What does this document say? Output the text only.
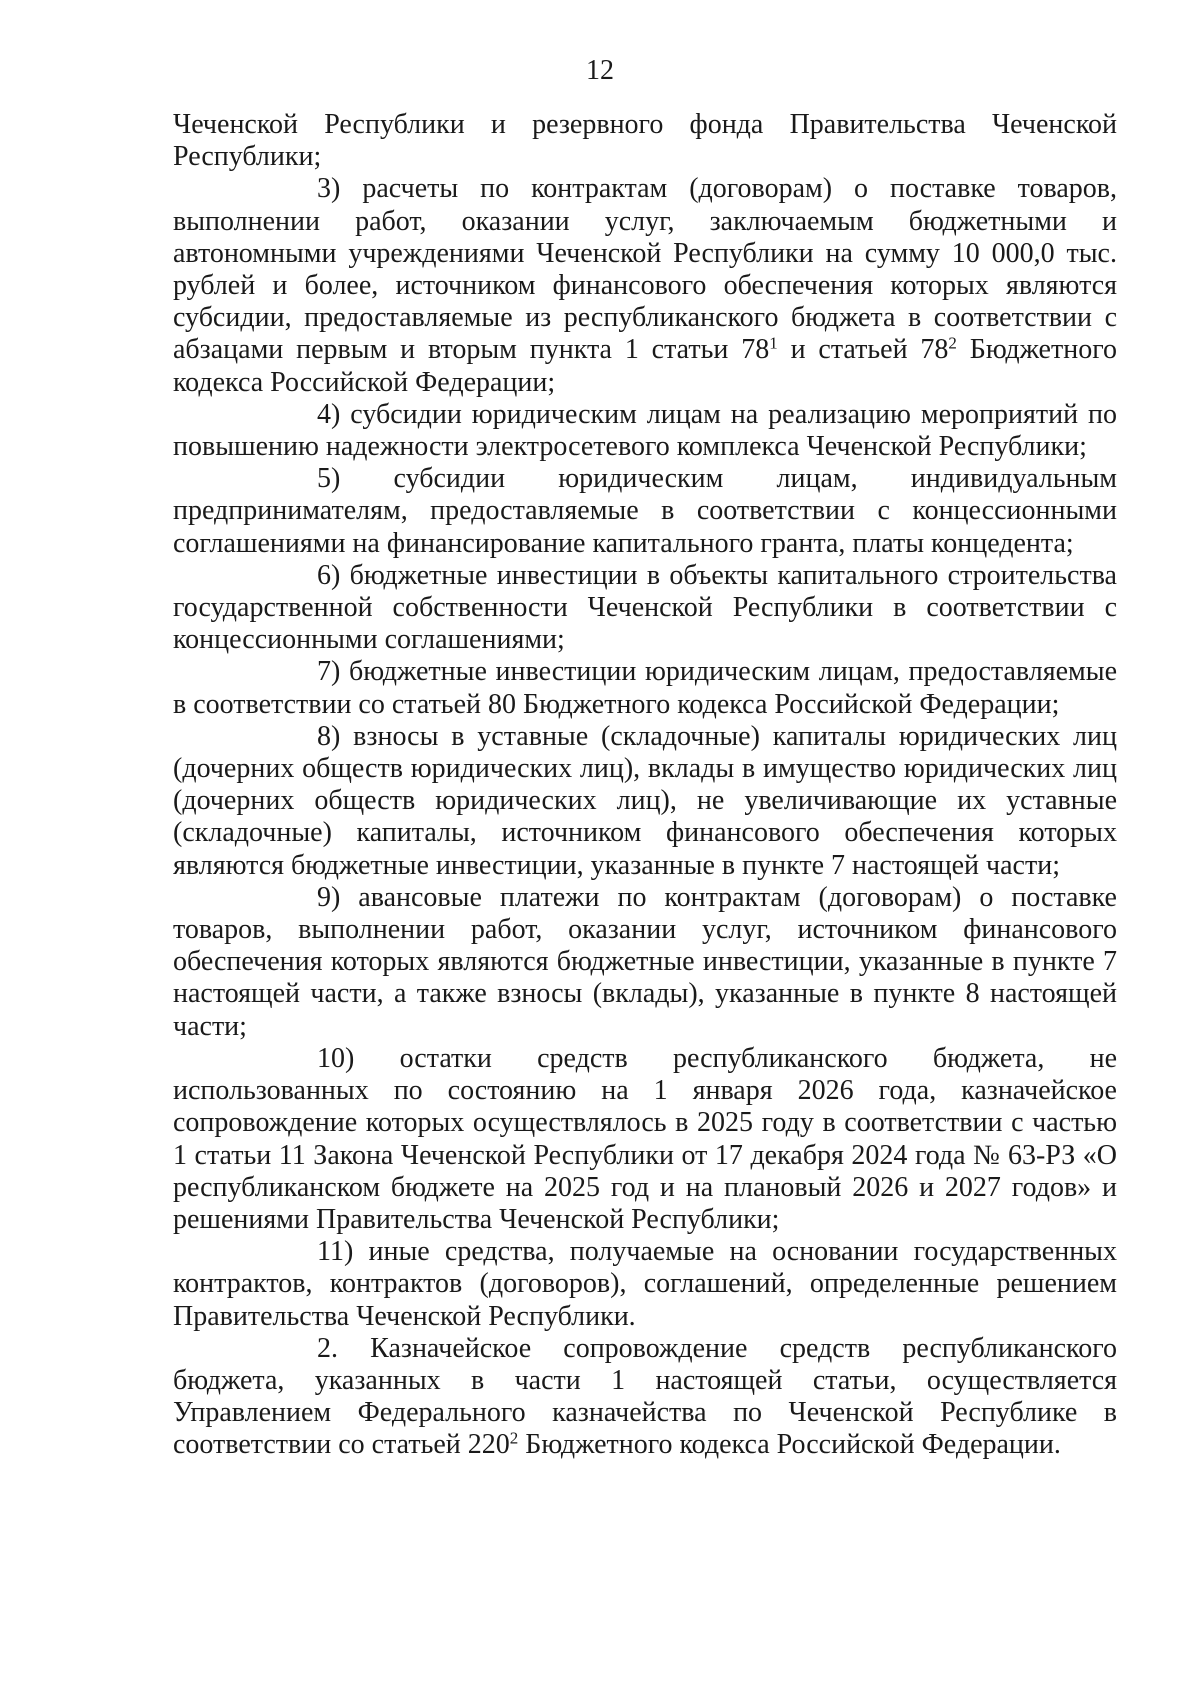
12

Чеченской Республики и резервного фонда Правительства Чеченской Республики;

3) расчеты по контрактам (договорам) о поставке товаров, выполнении работ, оказании услуг, заключаемым бюджетными и автономными учреждениями Чеченской Республики на сумму 10 000,0 тыс. рублей и более, источником финансового обеспечения которых являются субсидии, предоставляемые из республиканского бюджета в соответствии с абзацами первым и вторым пункта 1 статьи $78^1$ и статьей $78^2$ Бюджетного кодекса Российской Федерации;

4) субсидии юридическим лицам на реализацию мероприятий по повышению надежности электросетевого комплекса Чеченской Республики;

5) субсидии юридическим лицам, индивидуальным предпринимателям, предоставляемые в соответствии с концессионными соглашениями на финансирование капитального гранта, платы концедента;

6) бюджетные инвестиции в объекты капитального строительства государственной собственности Чеченской Республики в соответствии с концессионными соглашениями;

7) бюджетные инвестиции юридическим лицам, предоставляемые в соответствии со статьей 80 Бюджетного кодекса Российской Федерации;

8) взносы в уставные (складочные) капиталы юридических лиц (дочерних обществ юридических лиц), вклады в имущество юридических лиц (дочерних обществ юридических лиц), не увеличивающие их уставные (складочные) капиталы, источником финансового обеспечения которых являются бюджетные инвестиции, указанные в пункте 7 настоящей части;

9) авансовые платежи по контрактам (договорам) о поставке товаров, выполнении работ, оказании услуг, источником финансового обеспечения которых являются бюджетные инвестиции, указанные в пункте 7 настоящей части, а также взносы (вклады), указанные в пункте 8 настоящей части;

10) остатки средств республиканского бюджета, не использованных по состоянию на 1 января 2026 года, казначейское сопровождение которых осуществлялось в 2025 году в соответствии с частью 1 статьи 11 Закона Чеченской Республики от 17 декабря 2024 года № 63-РЗ «О республиканском бюджете на 2025 год и на плановый 2026 и 2027 годов» и решениями Правительства Чеченской Республики;

11) иные средства, получаемые на основании государственных контрактов, контрактов (договоров), соглашений, определенные решением Правительства Чеченской Республики.

2. Казначейское сопровождение средств республиканского бюджета, указанных в части 1 настоящей статьи, осуществляется Управлением Федерального казначейства по Чеченской Республике в соответствии со статьей $220^2$ Бюджетного кодекса Российской Федерации.
